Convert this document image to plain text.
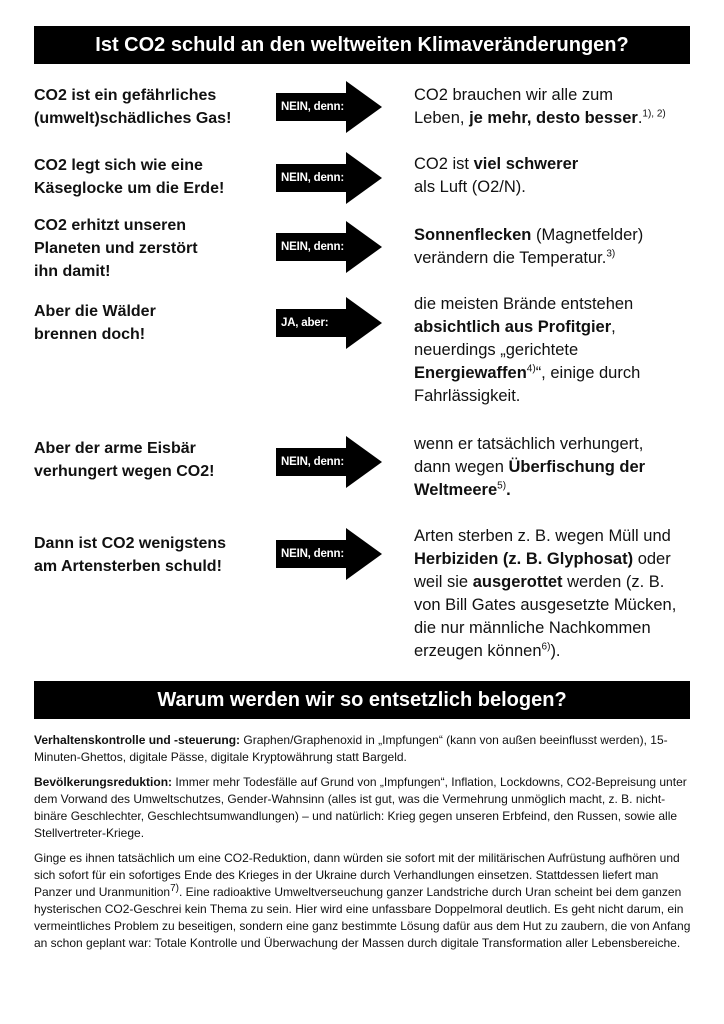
Ist CO2 schuld an den weltweiten Klimaveränderungen?
CO2 ist ein gefährliches
(umwelt)schädliches Gas!
NEIN, denn:
CO2 brauchen wir alle zum
Leben, je mehr, desto besser.$^{1), 2)}$
CO2 legt sich wie eine
Käseglocke um die Erde!
NEIN, denn:
CO2 ist viel schwerer
als Luft (O2/N).
CO2 erhitzt unseren
Planeten und zerstört
ihn damit!
NEIN, denn:
Sonnenflecken (Magnetfelder)
verändern die Temperatur.$^{3)}$
Aber die Wälder
brennen doch!
JA, aber:
die meisten Brände entstehen
absichtlich aus Profitgier,
neuerdings „gerichtete
Energiewaffen$^{4)}$“, einige durch
Fahrlässigkeit.
Aber der arme Eisbär
verhungert wegen CO2!
NEIN, denn:
wenn er tatsächlich verhungert,
dann wegen Überfischung der
Weltmeere$^{5)}$.
Dann ist CO2 wenigstens
am Artensterben schuld!
NEIN, denn:
Arten sterben z. B. wegen Müll und
Herbiziden (z. B. Glyphosat) oder
weil sie ausgerottet werden (z. B.
von Bill Gates ausgesetzte Mücken,
die nur männliche Nachkommen
erzeugen können$^{6)}$).
Warum werden wir so entsetzlich belogen?

Verhaltenskontrolle und -steuerung: Graphen/Graphenoxid in „Impfungen“ (kann von außen beeinflusst werden), 15-Minuten-Ghettos, digitale Pässe, digitale Kryptowährung statt Bargeld.

Bevölkerungsreduktion: Immer mehr Todesfälle auf Grund von „Impfungen“, Inflation, Lockdowns, CO2-Bepreisung unter dem Vorwand des Umweltschutzes, Gender-Wahnsinn (alles ist gut, was die Vermehrung unmöglich macht, z. B. nicht-binäre Geschlechter, Geschlechtsumwandlungen) – und natürlich: Krieg gegen unseren Erbfeind, den Russen, sowie alle Stellvertreter-Kriege.

Ginge es ihnen tatsächlich um eine CO2-Reduktion, dann würden sie sofort mit der militärischen Aufrüstung aufhören und sich sofort für ein sofortiges Ende des Krieges in der Ukraine durch Verhandlungen einsetzen. Stattdessen liefert man Panzer und Uranmunition$^{7)}$. Eine radioaktive Umweltverseuchung ganzer Landstriche durch Uran scheint bei dem ganzen hysterischen CO2-Geschrei kein Thema zu sein. Hier wird eine unfassbare Doppelmoral deutlich. Es geht nicht darum, ein vermeintliches Problem zu beseitigen, sondern eine ganz bestimmte Lösung dafür aus dem Hut zu zaubern, die von Anfang an schon geplant war: Totale Kontrolle und Überwachung der Massen durch digitale Transformation aller Lebensbereiche.
